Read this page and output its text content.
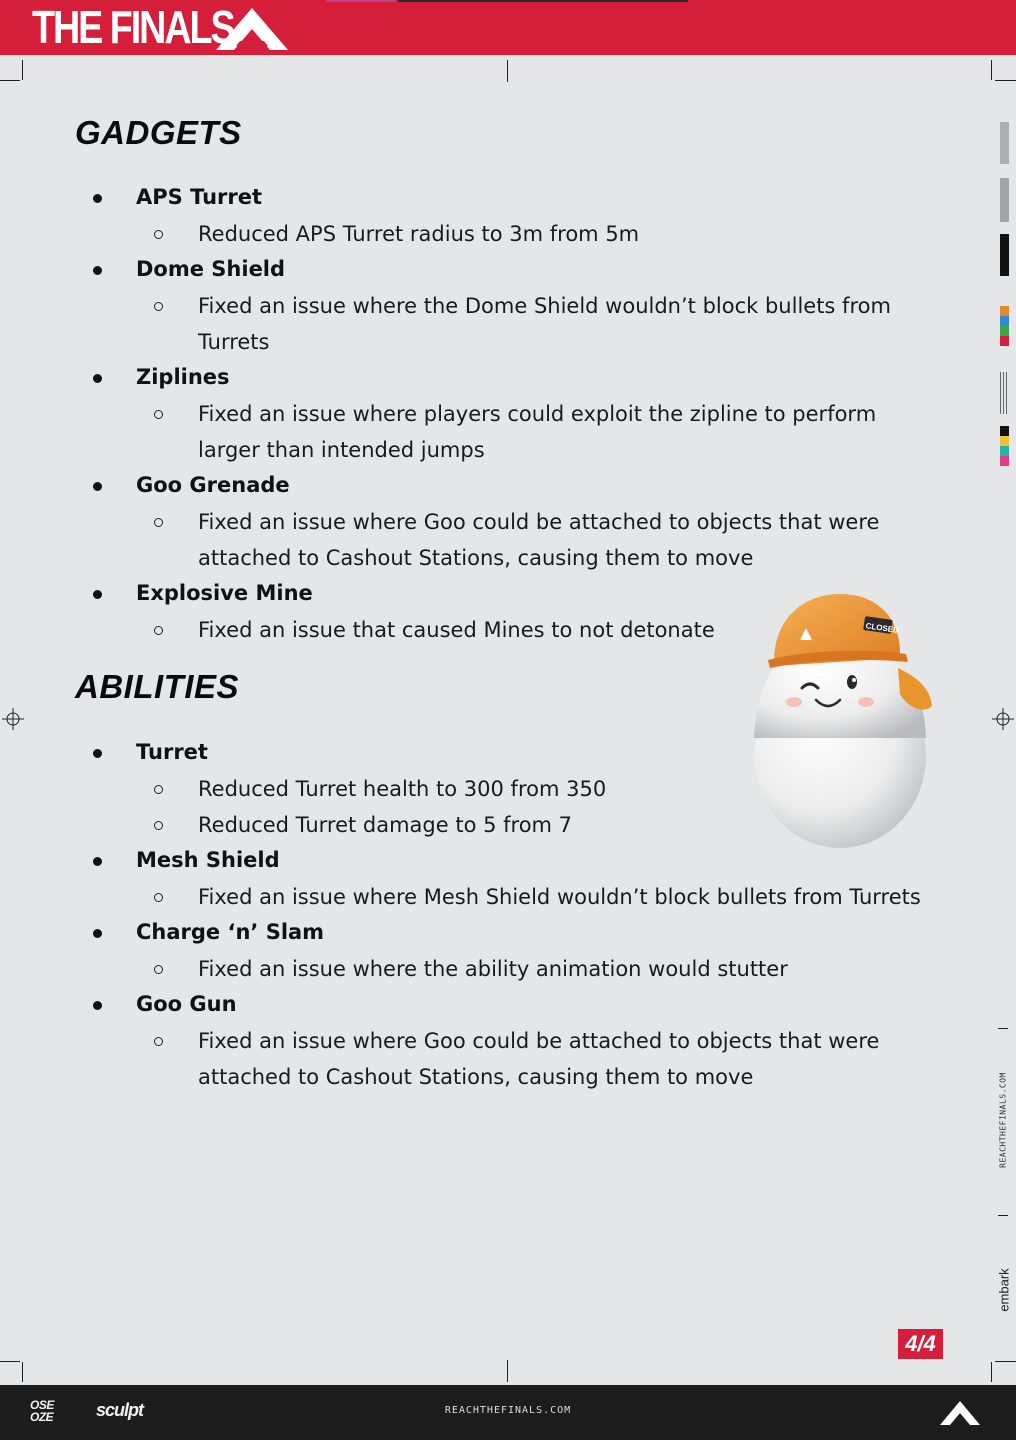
THE FINALS
GADGETS
APS Turret
Reduced APS Turret radius to 3m from 5m
Dome Shield
Fixed an issue where the Dome Shield wouldn’t block bullets from Turrets
Ziplines
Fixed an issue where players could exploit the zipline to perform larger than intended jumps
Goo Grenade
Fixed an issue where Goo could be attached to objects that were attached to Cashout Stations, causing them to move
Explosive Mine
Fixed an issue that caused Mines to not detonate
ABILITIES
Turret
Reduced Turret health to 300 from 350
Reduced Turret damage to 5 from 7
Mesh Shield
Fixed an issue where Mesh Shield wouldn’t block bullets from Turrets
Charge ‘n’ Slam
Fixed an issue where the ability animation would stutter
Goo Gun
Fixed an issue where Goo could be attached to objects that were attached to Cashout Stations, causing them to move
CLOSED
REACHTHEFINALS.COM
embark
4/4
OSE OZE	sculpt	REACHTHEFINALS.COM
